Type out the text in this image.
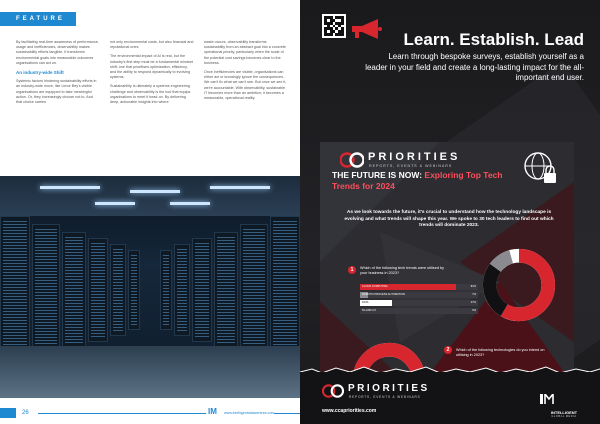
FEATURE

By facilitating real-time awareness of performance, usage and inefficiencies, observability makes sustainability efforts tangible. It transforms environmental goals into measurable outcomes organisations can act on.

An industry-wide Shift

Systemic factors hindering sustainability efforts in an industry-wide move, like Limor Bey's visible organisations are equipped to take meaningful action. Or, they increasingly choose not to. And that choice carries

not only environmental costs, but also financial and reputational ones.

The environmental impact of AI is real, but the industry's first step must be a fundamental mindset shift: one that prioritises optimisation, efficiency, and the ability to respond dynamically to evolving systems.

Sustainability is ultimately a systems engineering challenge and observability is the tool that equips organisations to meet it head-on. By delivering deep, actionable insights into where

waste occurs, observability transforms sustainability from an abstract goal into a concrete operational priority, particularly when the scale of the potential cost savings becomes clear to the business.

Once inefficiencies are visible, organisations can either act or knowingly ignore the consequences. We can't fix what we can't see. But once we see it, we're accountable. With observability, sustainable IT becomes more than an ambition; it becomes a measurable, operational reality.

26	IM www.intelligentdatacentres.com
Learn. Establish. Lead
Learn through bespoke surveys, establish yourself as a leader in your field and create a long-lasting impact for the all-important end user.
PRIORITIES
REPORTS, EVENTS & WEBINARS
THE FUTURE IS NOW: Exploring Top Tech Trends for 2024
As we look towards the future, it's crucial to understand how the technology landscape is evolving and what trends will shape this year. We spoke to 30 tech leaders to find out which trends will dominate 2023.
1	Which of the following tech trends were utilised by your business in 2023?
CLOUD COMPUTING	81%
ROBOTIC PROCESS AUTOMATION	7%
DATA	27%
5G AND IoT	0%
2	Which of the following technologies do you intend on utilising in 2023?
PRIORITIES
REPORTS, EVENTS & WEBINARS
www.ccapriorities.com	INTELLIGENT
GLOBAL MEDIA
